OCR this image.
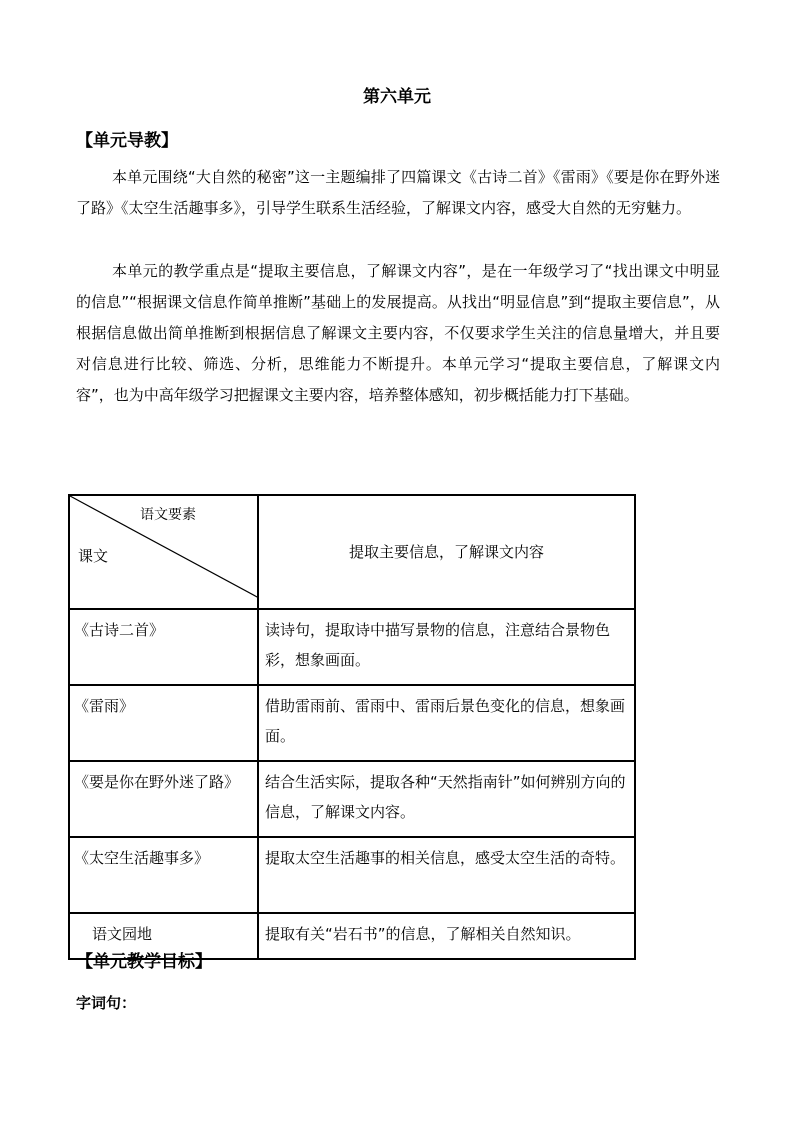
第六单元
【单元导教】

本单元围绕“大自然的秘密”这一主题编排了四篇课文《古诗二首》《雷雨》《要是你在野外迷了路》《太空生活趣事多》，引导学生联系生活经验，了解课文内容，感受大自然的无穷魅力。

本单元的教学重点是“提取主要信息，了解课文内容”，是在一年级学习了“找出课文中明显的信息”“根据课文信息作简单推断”基础上的发展提高。从找出“明显信息”到“提取主要信息”，从根据信息做出简单推断到根据信息了解课文主要内容，不仅要求学生关注的信息量增大，并且要对信息进行比较、筛选、分析，思维能力不断提升。本单元学习“提取主要信息，了解课文内容”，也为中高年级学习把握课文主要内容，培养整体感知，初步概括能力打下基础。

语文要素
课文	提取主要信息，了解课文内容
《古诗二首》	读诗句，提取诗中描写景物的信息，注意结合景物色彩，想象画面。
《雷雨》	借助雷雨前、雷雨中、雷雨后景色变化的信息，想象画面。
《要是你在野外迷了路》	结合生活实际，提取各种“天然指南针”如何辨别方向的信息，了解课文内容。
《太空生活趣事多》	提取太空生活趣事的相关信息，感受太空生活的奇特。
语文园地	提取有关“岩石书”的信息，了解相关自然知识。
【单元教学目标】
字词句：
